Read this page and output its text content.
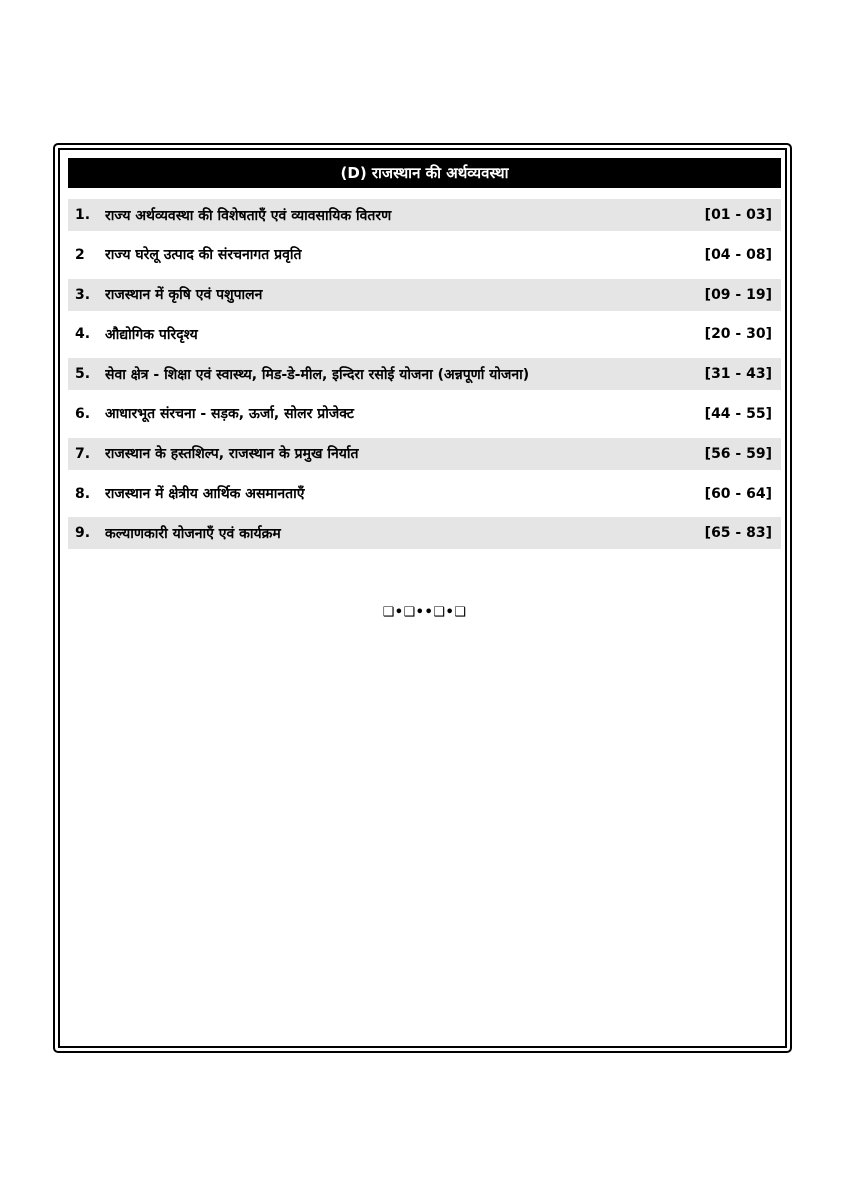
(D) राजस्थान की अर्थव्यवस्था
1.	राज्य अर्थव्यवस्था की विशेषताएँ एवं व्यावसायिक वितरण	[01 - 03]
2	राज्य घरेलू उत्पाद की संरचनागत प्रवृति	[04 - 08]
3.	राजस्थान में कृषि एवं पशुपालन	[09 - 19]
4.	औद्योगिक परिदृश्य	[20 - 30]
5.	सेवा क्षेत्र - शिक्षा एवं स्वास्थ्य, मिड-डे-मील, इन्दिरा रसोई योजना (अन्नपूर्णा योजना)	[31 - 43]
6.	आधारभूत संरचना - सड़क, ऊर्जा, सोलर प्रोजेक्ट	[44 - 55]
7.	राजस्थान के हस्तशिल्प, राजस्थान के प्रमुख निर्यात	[56 - 59]
8.	राजस्थान में क्षेत्रीय आर्थिक असमानताएँ	[60 - 64]
9.	कल्याणकारी योजनाएँ एवं कार्यक्रम	[65 - 83]
❑•❑••❑•❑
